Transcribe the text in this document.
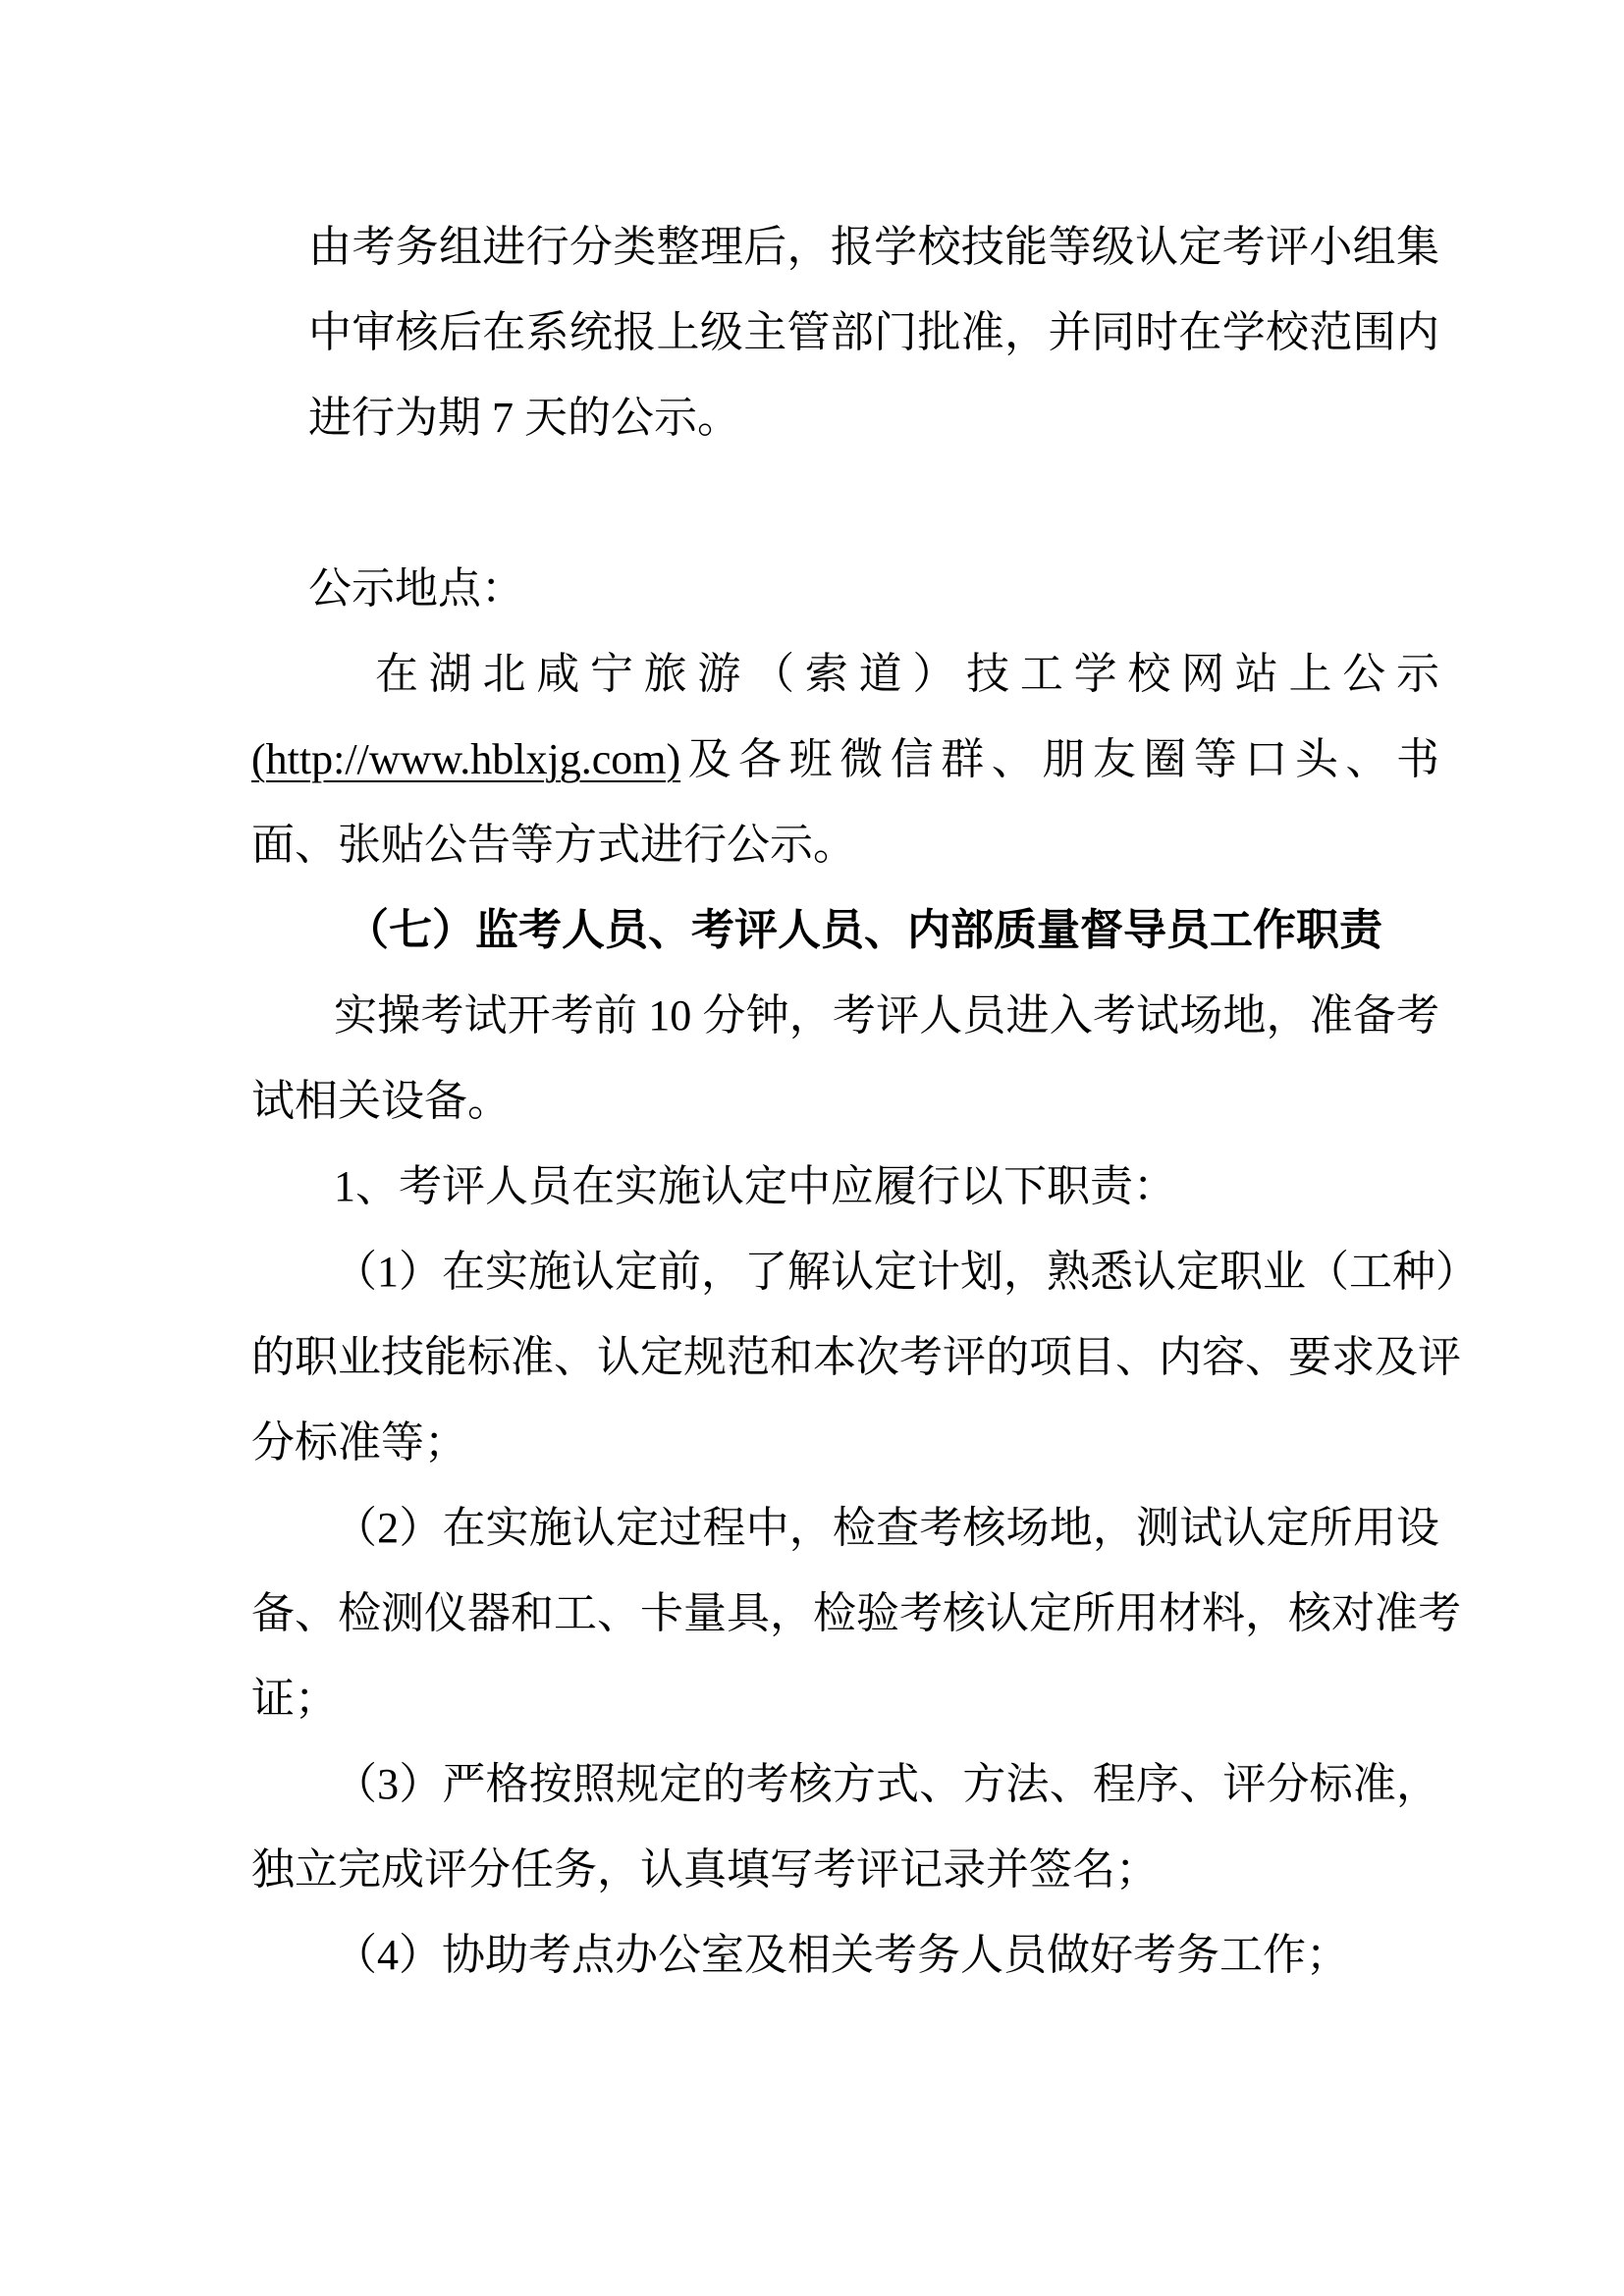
由考务组进行分类整理后，报学校技能等级认定考评小组集
中审核后在系统报上级主管部门批准，并同时在学校范围内
进行为期 7 天的公示。
公示地点：
在湖北咸宁旅游（索道）技工学校网站上公示
(http://www.hblxjg.com)及各班微信群、朋友圈等口头、书
面、张贴公告等方式进行公示。
（七）监考人员、考评人员、内部质量督导员工作职责
实操考试开考前 10 分钟，考评人员进入考试场地，准备考
试相关设备。
1、考评人员在实施认定中应履行以下职责：
（1）在实施认定前，了解认定计划，熟悉认定职业（工种）
的职业技能标准、认定规范和本次考评的项目、内容、要求及评
分标准等；
（2）在实施认定过程中，检查考核场地，测试认定所用设
备、检测仪器和工、卡量具，检验考核认定所用材料，核对准考
证；
（3）严格按照规定的考核方式、方法、程序、评分标准，
独立完成评分任务，认真填写考评记录并签名；
（4）协助考点办公室及相关考务人员做好考务工作；
